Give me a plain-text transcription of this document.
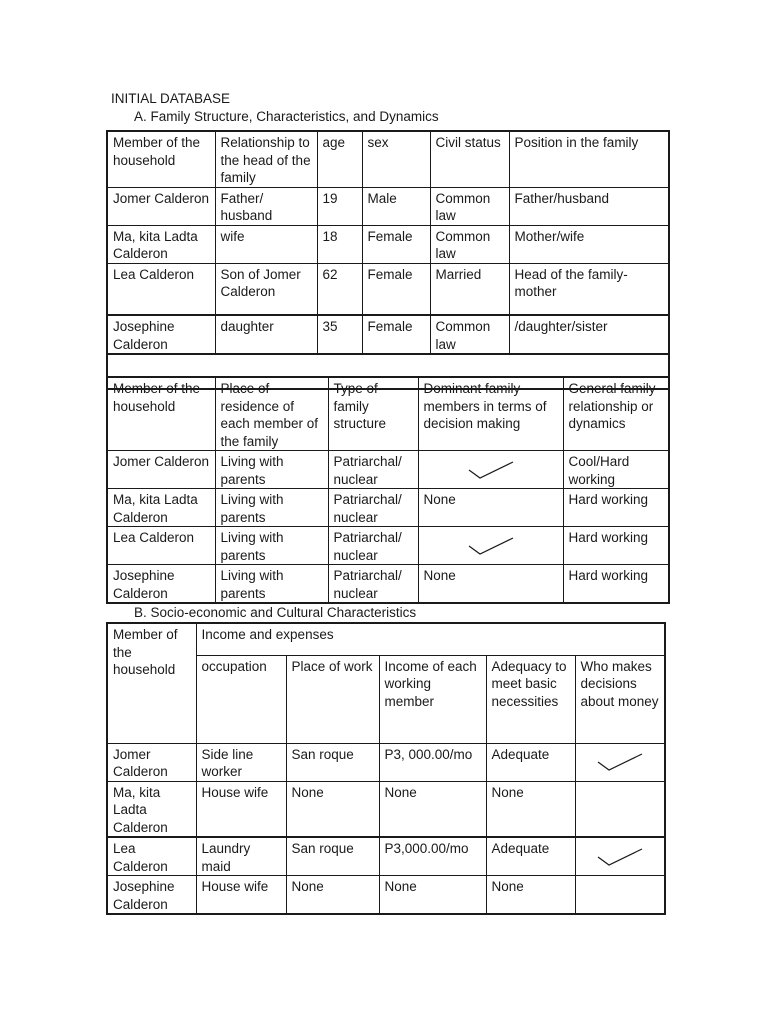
INITIAL DATABASE
A. Family Structure, Characteristics, and Dynamics
Member of the household	Relationship to the head of the family	age	sex	Civil status	Position in the family
Jomer Calderon	Father/ husband	19	Male	Common law	Father/husband
Ma, kita Ladta Calderon	wife	18	Female	Common law	Mother/wife
Lea Calderon	Son of Jomer Calderon	62	Female	Married	Head of the family-mother
Josephine Calderon	daughter	35	Female	Common law	/daughter/sister

Member of the household	Place of residence of each member of the family	Type of family structure	Dominant family members in terms of decision making	General family relationship or dynamics
Jomer Calderon	Living with parents	Patriarchal/ nuclear		Cool/Hard working
Ma, kita Ladta Calderon	Living with parents	Patriarchal/ nuclear	None	Hard working
Lea Calderon	Living with parents	Patriarchal/ nuclear		Hard working
Josephine Calderon	Living with parents	Patriarchal/ nuclear	None	Hard working
B. Socio-economic and Cultural Characteristics
Member of the household	Income and expenses				
	occupation	Place of work	Income of each working member	Adequacy to meet basic necessities	Who makes decisions about money
Jomer Calderon	Side line worker	San roque	P3, 000.00/mo	Adequate	

Ma, kita Ladta Calderon	House wife	None	None	None	
Lea Calderon	Laundry maid	San roque	P3,000.00/mo	Adequate	

Josephine Calderon	House wife	None	None	None	
